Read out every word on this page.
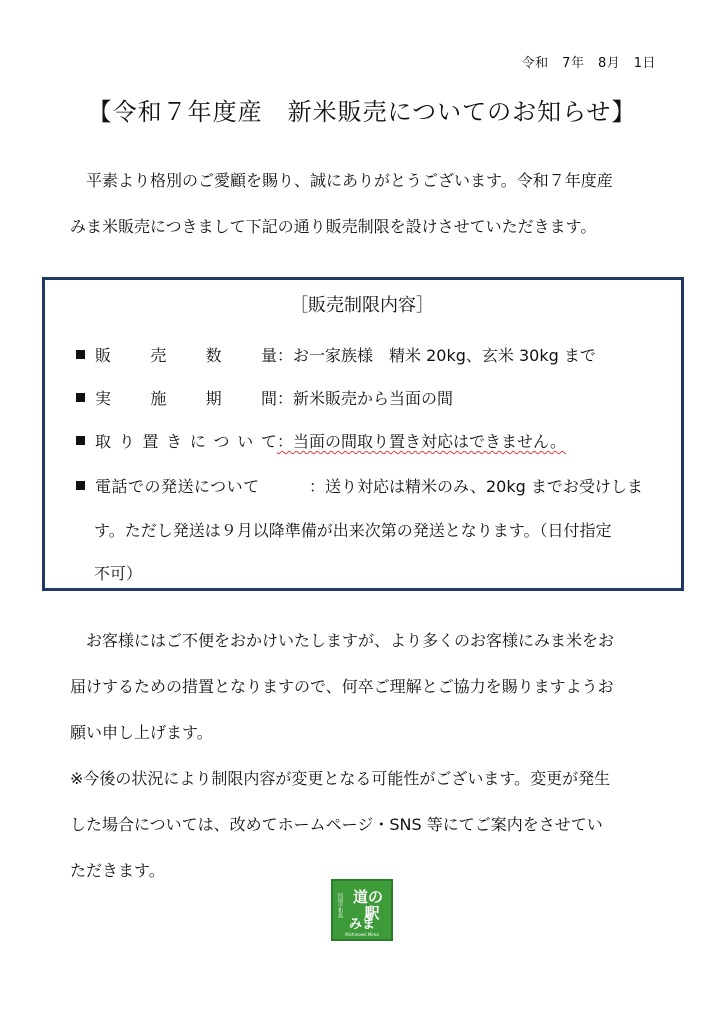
令和　7年　8月　1日
【令和７年度産　新米販売についてのお知らせ】

　平素より格別のご愛顧を賜り、誠にありがとうございます。令和７年度産
みま米販売につきまして下記の通り販売制限を設けさせていただきます。

［販売制限内容］
販 売 数 量 ：お一家族様　精米 20kg、玄米 30kg まで
実 施 期 間 ：新米販売から当面の間
取 り 置 き に つ い て ：当面の間取り置き対応はできません。
電話での発送について	：送り対応は精米のみ、20kg までお受けしま
す。ただし発送は９月以降準備が出来次第の発送となります。（日付指定
不可）

　お客様にはご不便をおかけいたしますが、より多くのお客様にみま米をお
届けするための措置となりますので、何卒ご理解とご協力を賜りますようお
願い申し上げます。
※今後の状況により制限内容が変更となる可能性がございます。変更が発生
した場合については、改めてホームページ・SNS 等にてご案内をさせてい
ただきます。

道の
駅
みま
四国宇和島
Michinoeki Mima
